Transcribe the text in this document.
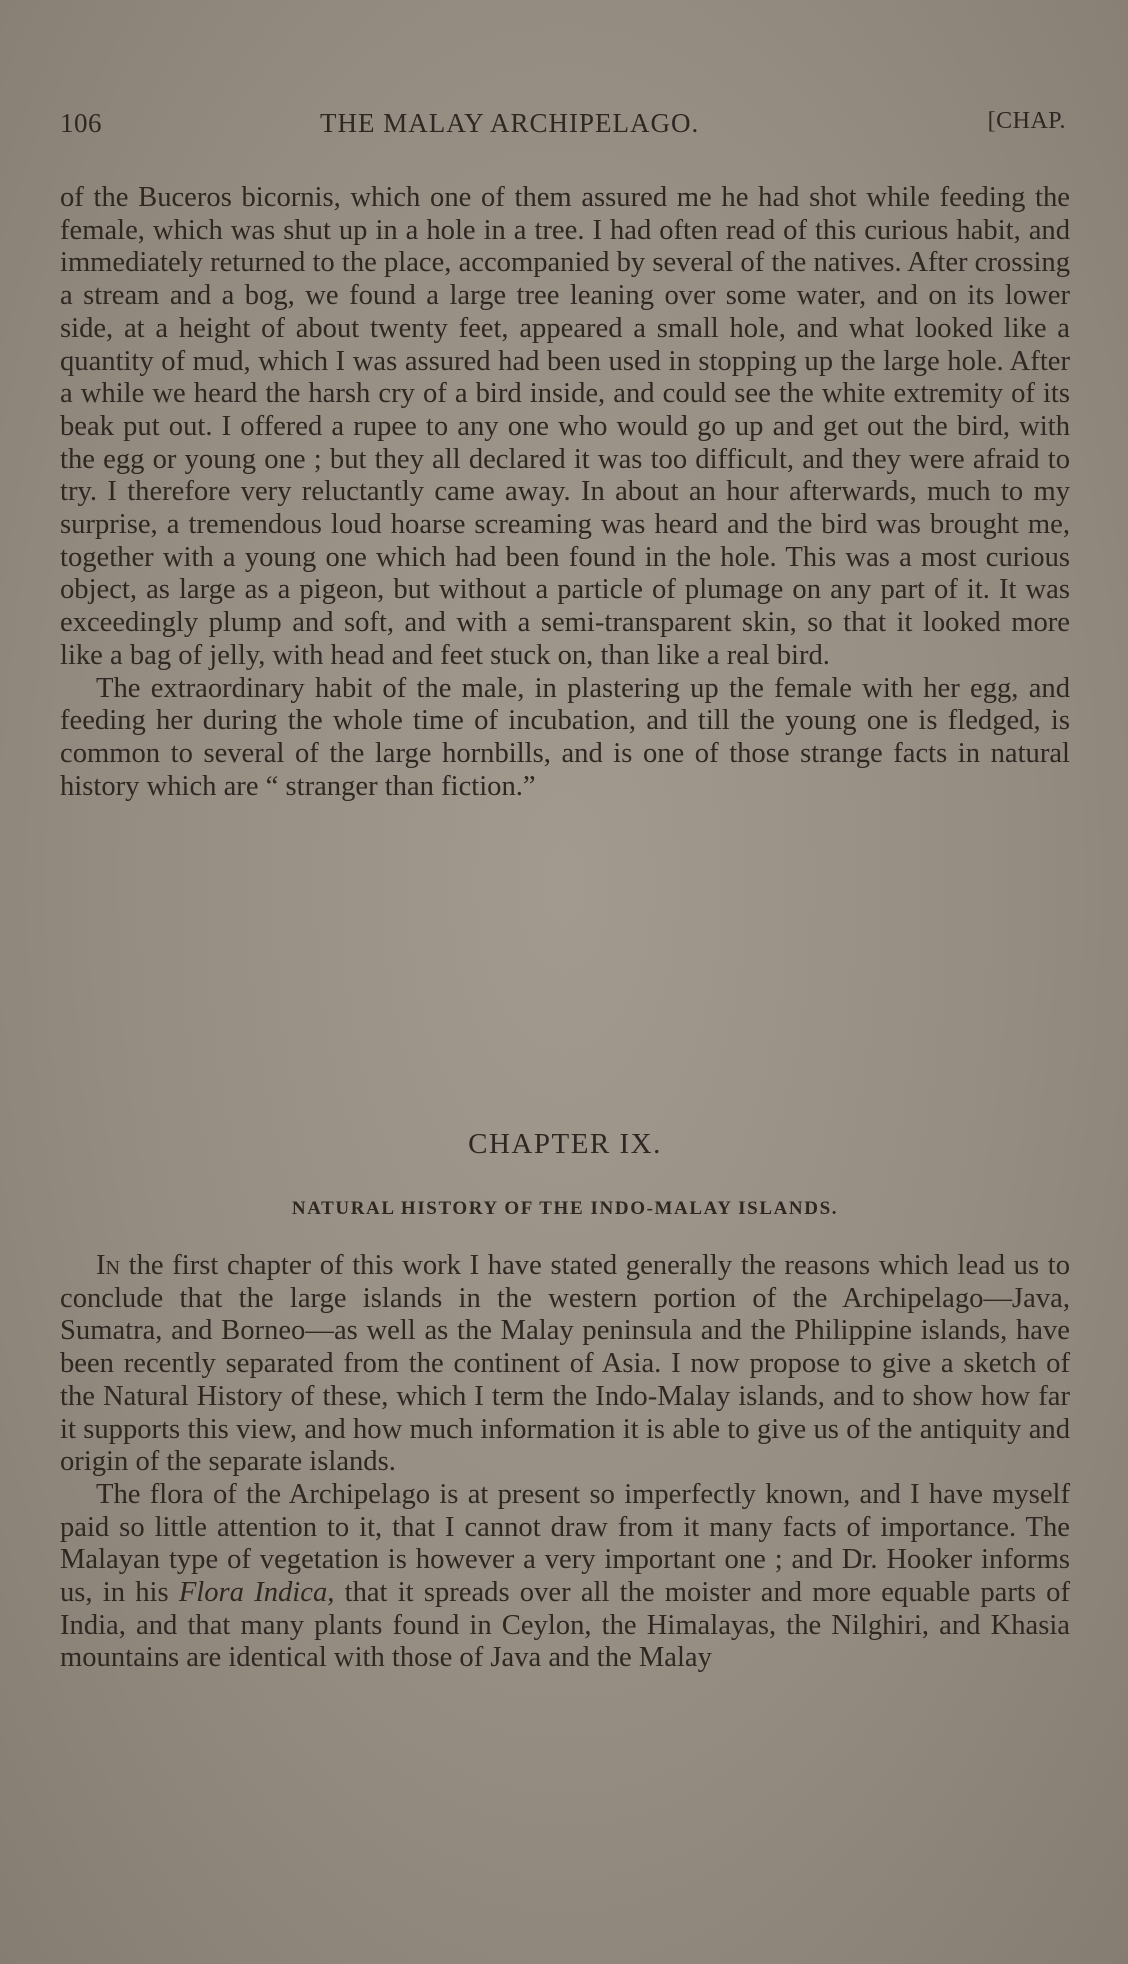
106	THE MALAY ARCHIPELAGO.	[CHAP.

of the Buceros bicornis, which one of them assured me he had shot while feeding the female, which was shut up in a hole in a tree. I had often read of this curious habit, and immediately returned to the place, accompanied by several of the natives. After crossing a stream and a bog, we found a large tree leaning over some water, and on its lower side, at a height of about twenty feet, appeared a small hole, and what looked like a quantity of mud, which I was assured had been used in stopping up the large hole. After a while we heard the harsh cry of a bird inside, and could see the white extremity of its beak put out. I offered a rupee to any one who would go up and get out the bird, with the egg or young one ; but they all declared it was too difficult, and they were afraid to try. I therefore very reluctantly came away. In about an hour afterwards, much to my surprise, a tremendous loud hoarse screaming was heard and the bird was brought me, together with a young one which had been found in the hole. This was a most curious object, as large as a pigeon, but without a particle of plumage on any part of it. It was exceedingly plump and soft, and with a semi-transparent skin, so that it looked more like a bag of jelly, with head and feet stuck on, than like a real bird.

The extraordinary habit of the male, in plastering up the female with her egg, and feeding her during the whole time of incubation, and till the young one is fledged, is common to several of the large hornbills, and is one of those strange facts in natural history which are “ stranger than fiction.”

CHAPTER IX.
NATURAL HISTORY OF THE INDO-MALAY ISLANDS.

In the first chapter of this work I have stated generally the reasons which lead us to conclude that the large islands in the western portion of the Archipelago—Java, Sumatra, and Borneo—as well as the Malay peninsula and the Philippine islands, have been recently separated from the continent of Asia. I now propose to give a sketch of the Natural History of these, which I term the Indo-Malay islands, and to show how far it supports this view, and how much information it is able to give us of the antiquity and origin of the separate islands.

The flora of the Archipelago is at present so imperfectly known, and I have myself paid so little attention to it, that I cannot draw from it many facts of importance. The Malayan type of vegetation is however a very important one ; and Dr. Hooker informs us, in his Flora Indica, that it spreads over all the moister and more equable parts of India, and that many plants found in Ceylon, the Himalayas, the Nilghiri, and Khasia mountains are identical with those of Java and the Malay
